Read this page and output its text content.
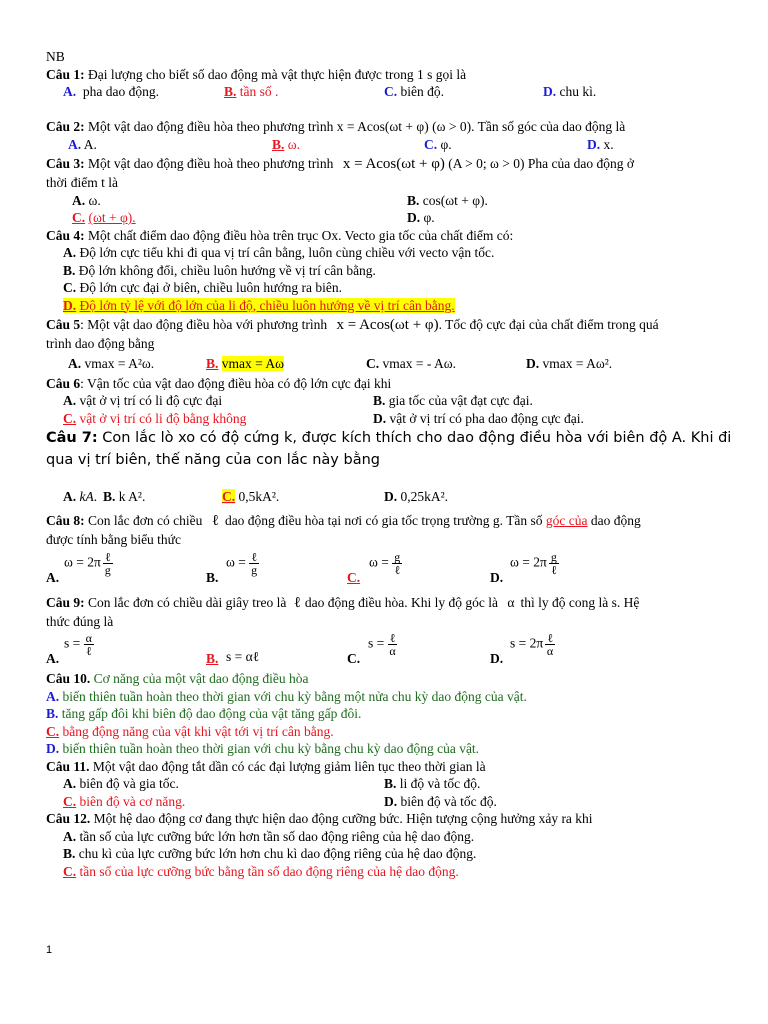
NB
Câu 1: Đại lượng cho biết số dao động mà vật thực hiện được trong 1 s gọi là
A. pha dao động.	B. tần số .	C. biên độ.	D. chu kì.
Câu 2: Một vật dao động điều hòa theo phương trình x = Acos(ωt + φ) (ω > 0). Tần số góc của dao động là
A. A.	B. ω.	C. φ.	D. x.
Câu 3: Một vật dao động điều hoà theo phương trình x = Acos(ωt + φ) (A > 0; ω > 0) Pha của dao động ở
thời điểm t là
A. ω.	B. cos(ωt + φ).
C. (ωt + φ).	D. φ.
Câu 4: Một chất điểm dao động điều hòa trên trục Ox. Vecto gia tốc của chất điểm có:
A. Độ lớn cực tiểu khi đi qua vị trí cân bằng, luôn cùng chiều với vecto vận tốc.
B. Độ lớn không đổi, chiều luôn hướng về vị trí cân bằng.
C. Độ lớn cực đại ở biên, chiều luôn hướng ra biên.
D. Độ lớn tỷ lệ với độ lớn của li độ, chiều luôn hướng về vị trí cân bằng.
Câu 5: Một vật dao động điều hòa với phương trình x = Acos(ωt + φ). Tốc độ cực đại của chất điểm trong quá
trình dao động bằng
A. vmax = A²ω.	B. vmax = Aω	C. vmax = - Aω.	D. vmax = Aω².
Câu 6: Vận tốc của vật dao động điều hòa có độ lớn cực đại khi
A. vật ở vị trí có li độ cực đại	B. gia tốc của vật đạt cực đại.
C. vật ở vị trí có li độ bằng không	D. vật ở vị trí có pha dao động cực đại.
Câu 7: Con lắc lò xo có độ cứng k, được kích thích cho dao động điều hòa với biên độ A. Khi đi
qua vị trí biên, thế năng của con lắc này bằng
A. kA. B. k A².	C. 0,5kA².	D. 0,25kA².
Câu 8: Con lắc đơn có chiều ℓ dao động điều hòa tại nơi có gia tốc trọng trường g. Tần số góc của dao động
được tính bằng biểu thức
A.
$\omega = 2\pi \frac{\text{ℓ}}{g}$
B.
$\omega = \frac{\text{ℓ}}{g}$
C.
$\omega = \frac{g}{\text{ℓ}}$
D.
$\omega = 2\pi \frac{g}{\text{ℓ}}$
Câu 9: Con lắc đơn có chiều dài giây treo là ℓ dao động điều hòa. Khi ly độ góc là α thì ly độ cong là s. Hệ
thức đúng là
A.
$s = \frac{\alpha}{\text{ℓ}}$
B. s = αℓ	C.
$s = \frac{\text{ℓ}}{\alpha}$
D.
$s = 2\pi \frac{\text{ℓ}}{\alpha}$
Câu 10. Cơ năng của một vật dao động điều hòa
A. biến thiên tuần hoàn theo thời gian với chu kỳ bằng một nửa chu kỳ dao động của vật.
B. tăng gấp đôi khi biên độ dao động của vật tăng gấp đôi.
C. bằng động năng của vật khi vật tới vị trí cân bằng.
D. biến thiên tuần hoàn theo thời gian với chu kỳ bằng chu kỳ dao động của vật.
Câu 11. Một vật dao động tắt dần có các đại lượng giảm liên tục theo thời gian là
A. biên độ và gia tốc.	B. li độ và tốc độ.
C. biên độ và cơ năng.	D. biên độ và tốc độ.
Câu 12. Một hệ dao động cơ đang thực hiện dao động cưỡng bức. Hiện tượng cộng hưởng xảy ra khi
A. tần số của lực cưỡng bức lớn hơn tần số dao động riêng của hệ dao động.
B. chu kì của lực cưỡng bức lớn hơn chu kì dao động riêng của hệ dao động.
C. tần số của lực cưỡng bức bằng tần số dao động riêng của hệ dao động.
1
